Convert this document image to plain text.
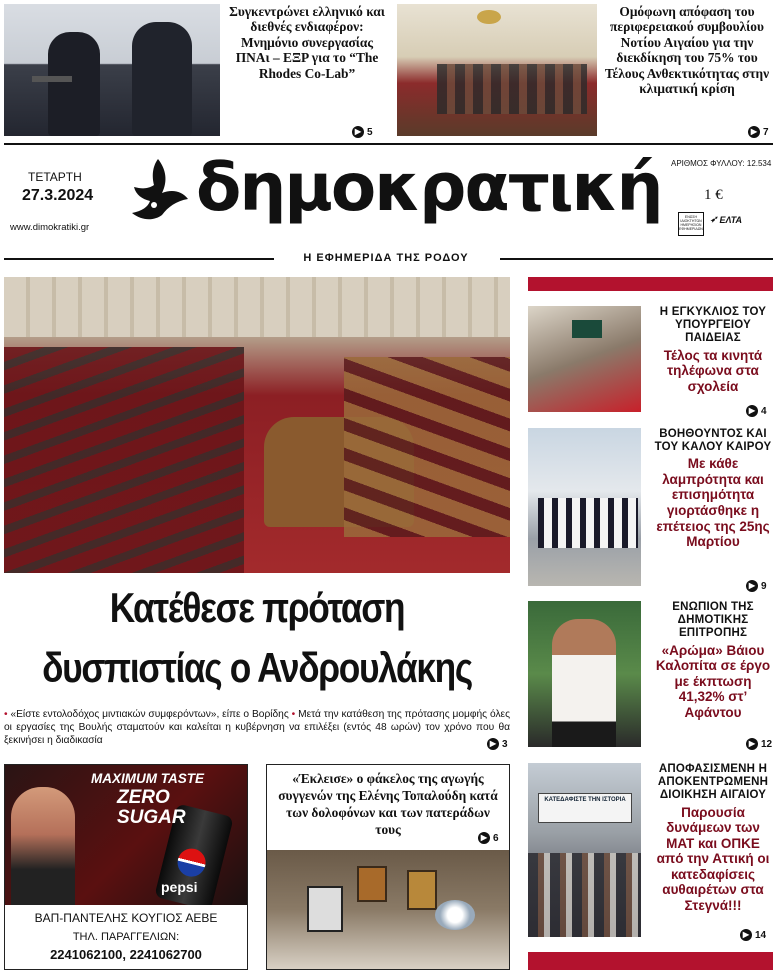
Συγκεντρώνει ελληνικό και διεθνές ενδιαφέρον: Μνημόνιο συνεργασίας ΠΝΑι – ΕΞΡ για το “The Rhodes Co-Lab”
▶ 5
Ομόφωνη απόφαση του περιφερειακού συμβουλίου Νοτίου Αιγαίου για την διεκδίκηση του 75% του Τέλους Ανθεκτικότητας στην κλιματική κρίση
▶ 7
ΤΕΤΑΡΤΗ
27.3.2024
www.dimokratiki.gr
δημοκρατική ΑΡΙΘΜΟΣ ΦΥΛΛΟΥ: 12.534
1 €
ΕΝΩΣΗ ΙΔΙΟΚΤΗΤΩΝ ΗΜΕΡΗΣΙΩΝ ΕΦΗΜΕΡΙΔΩΝ
➶ ΕΛΤΑ
Η ΕΦΗΜΕΡΙΔΑ ΤΗΣ ΡΟΔΟΥ
Κατέθεσε πρόταση
δυσπιστίας ο Ανδρουλάκης
• «Είστε εντολοδόχος μιντιακών συμφερόντων», είπε ο Βορίδης • Μετά την κατάθεση της πρότασης μομφής όλες οι εργασίες της Βουλής σταματούν και καλείται η κυβέρνηση να επιλέξει (εντός 48 ωρών) τον χρόνο που θα ξεκινήσει η διαδικασία	▶ 3
MAXIMUM TASTE
ZERO
SUGAR
pepsi
ΒΑΠ-ΠΑΝΤΕΛΗΣ ΚΟΥΓΙΟΣ ΑΕΒΕ
ΤΗΛ. ΠΑΡΑΓΓΕΛΙΩΝ:
2241062100, 2241062700
«Έκλεισε» ο φάκελος της αγωγής συγγενών της Ελένης Τοπαλούδη κατά των δολοφόνων και των πατεράδων τους
▶ 6
Η ΕΓΚΥΚΛΙΟΣ ΤΟΥ ΥΠΟΥΡΓΕΙΟΥ ΠΑΙΔΕΙΑΣ
Τέλος τα κινητά τηλέφωνα στα σχολεία
▶ 4
ΒΟΗΘΟΥΝΤΟΣ ΚΑΙ ΤΟΥ ΚΑΛΟΥ ΚΑΙΡΟΥ
Με κάθε λαμπρότητα και επισημότητα γιορτάσθηκε η επέτειος της 25ης Μαρτίου
▶ 9
ΕΝΩΠΙΟΝ ΤΗΣ ΔΗΜΟΤΙΚΗΣ ΕΠΙΤΡΟΠΗΣ
«Αρώμα» Βάιου Καλοπίτα σε έργο με έκπτωση 41,32% στ’ Αφάντου
▶ 12
ΚΑΤΕΔΑΦΙΣΤΕ ΤΗΝ ΙΣΤΟΡΙΑ
ΑΠΟΦΑΣΙΣΜΕΝΗ Η ΑΠΟΚΕΝΤΡΩΜΕΝΗ ΔΙΟΙΚΗΣΗ ΑΙΓΑΙΟΥ
Παρουσία δυνάμεων των ΜΑΤ και ΟΠΚΕ από την Αττική οι κατεδαφίσεις αυθαιρέτων στα Στεγνά!!!
▶ 14
